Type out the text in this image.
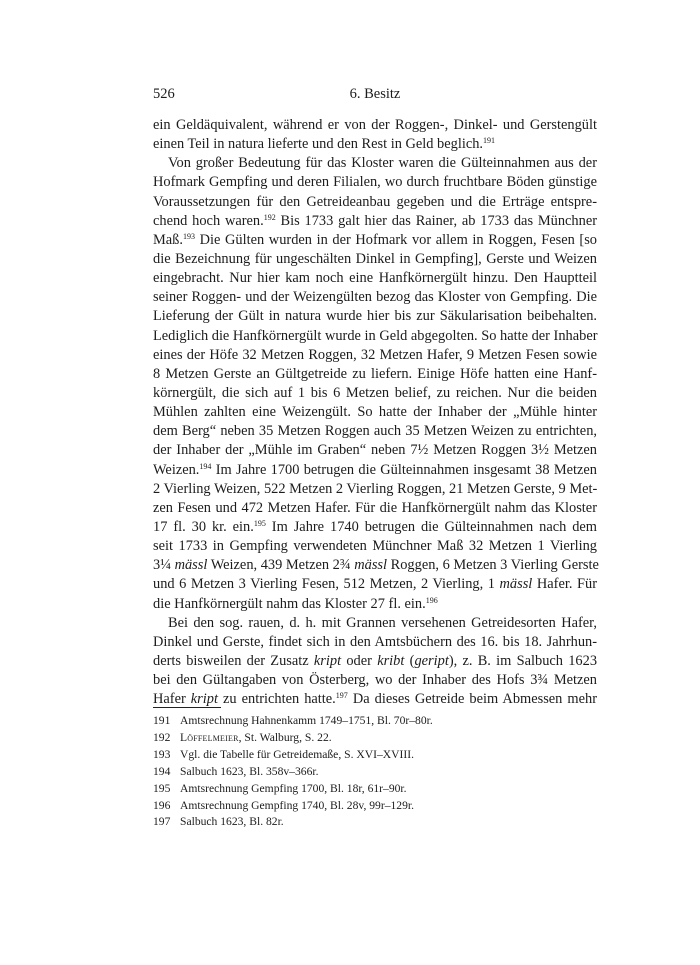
526	6. Besitz
ein Geldäquivalent, während er von der Roggen-, Dinkel- und Gerstengült
einen Teil in natura lieferte und den Rest in Geld beglich.$^{191}$
Von großer Bedeutung für das Kloster waren die Gülteinnahmen aus der
Hofmark Gempfing und deren Filialen, wo durch fruchtbare Böden günstige
Voraussetzungen für den Getreideanbau gegeben und die Erträge entspre-
chend hoch waren.$^{192}$ Bis 1733 galt hier das Rainer, ab 1733 das Münchner
Maß.$^{193}$ Die Gülten wurden in der Hofmark vor allem in Roggen, Fesen [so
die Bezeichnung für ungeschälten Dinkel in Gempfing], Gerste und Weizen
eingebracht. Nur hier kam noch eine Hanfkörnergült hinzu. Den Hauptteil
seiner Roggen- und der Weizengülten bezog das Kloster von Gempfing. Die
Lieferung der Gült in natura wurde hier bis zur Säkularisation beibehalten.
Lediglich die Hanfkörnergült wurde in Geld abgegolten. So hatte der Inhaber
eines der Höfe 32 Metzen Roggen, 32 Metzen Hafer, 9 Metzen Fesen sowie
8 Metzen Gerste an Gültgetreide zu liefern. Einige Höfe hatten eine Hanf-
körnergült, die sich auf 1 bis 6 Metzen belief, zu reichen. Nur die beiden
Mühlen zahlten eine Weizengült. So hatte der Inhaber der „Mühle hinter
dem Berg“ neben 35 Metzen Roggen auch 35 Metzen Weizen zu entrichten,
der Inhaber der „Mühle im Graben“ neben 7½ Metzen Roggen 3½ Metzen
Weizen.$^{194}$ Im Jahre 1700 betrugen die Gülteinnahmen insgesamt 38 Metzen
2 Vierling Weizen, 522 Metzen 2 Vierling Roggen, 21 Metzen Gerste, 9 Met-
zen Fesen und 472 Metzen Hafer. Für die Hanfkörnergült nahm das Kloster
17 fl. 30 kr. ein.$^{195}$ Im Jahre 1740 betrugen die Gülteinnahmen nach dem
seit 1733 in Gempfing verwendeten Münchner Maß 32 Metzen 1 Vierling
3¼ mässl Weizen, 439 Metzen 2¾ mässl Roggen, 6 Metzen 3 Vierling Gerste
und 6 Metzen 3 Vierling Fesen, 512 Metzen, 2 Vierling, 1 mässl Hafer. Für
die Hanfkörnergült nahm das Kloster 27 fl. ein.$^{196}$
Bei den sog. rauen, d. h. mit Grannen versehenen Getreidesorten Hafer,
Dinkel und Gerste, findet sich in den Amtsbüchern des 16. bis 18. Jahrhun-
derts bisweilen der Zusatz kript oder kribt (geript), z. B. im Salbuch 1623
bei den Gültangaben von Österberg, wo der Inhaber des Hofs 3¾ Metzen
Hafer kript zu entrichten hatte.$^{197}$ Da dieses Getreide beim Abmessen mehr
191 Amtsrechnung Hahnenkamm 1749–1751, Bl. 70r–80r.
192 Löffelmeier, St. Walburg, S. 22.
193 Vgl. die Tabelle für Getreidemaße, S. XVI–XVIII.
194 Salbuch 1623, Bl. 358v–366r.
195 Amtsrechnung Gempfing 1700, Bl. 18r, 61r–90r.
196 Amtsrechnung Gempfing 1740, Bl. 28v, 99r–129r.
197 Salbuch 1623, Bl. 82r.
